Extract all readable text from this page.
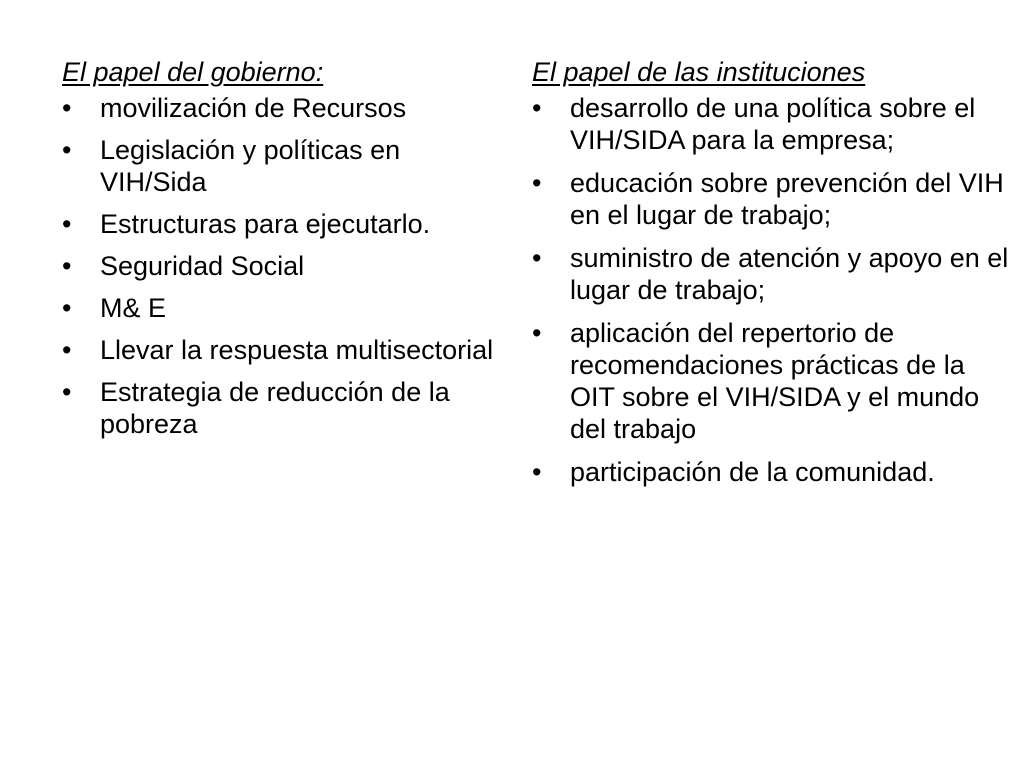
El papel del gobierno:
• movilización de Recursos
• Legislación y políticas en VIH/Sida
• Estructuras para ejecutarlo.
• Seguridad Social
• M& E
• Llevar la respuesta multisectorial
• Estrategia de reducción de la pobreza
El papel de las instituciones
• desarrollo de una política sobre el VIH/SIDA para la empresa;
• educación sobre prevención del VIH en el lugar de trabajo;
• suministro de atención y apoyo en el lugar de trabajo;
• aplicación del repertorio de recomendaciones prácticas de la OIT sobre el VIH/SIDA y el mundo del trabajo
• participación de la comunidad.
